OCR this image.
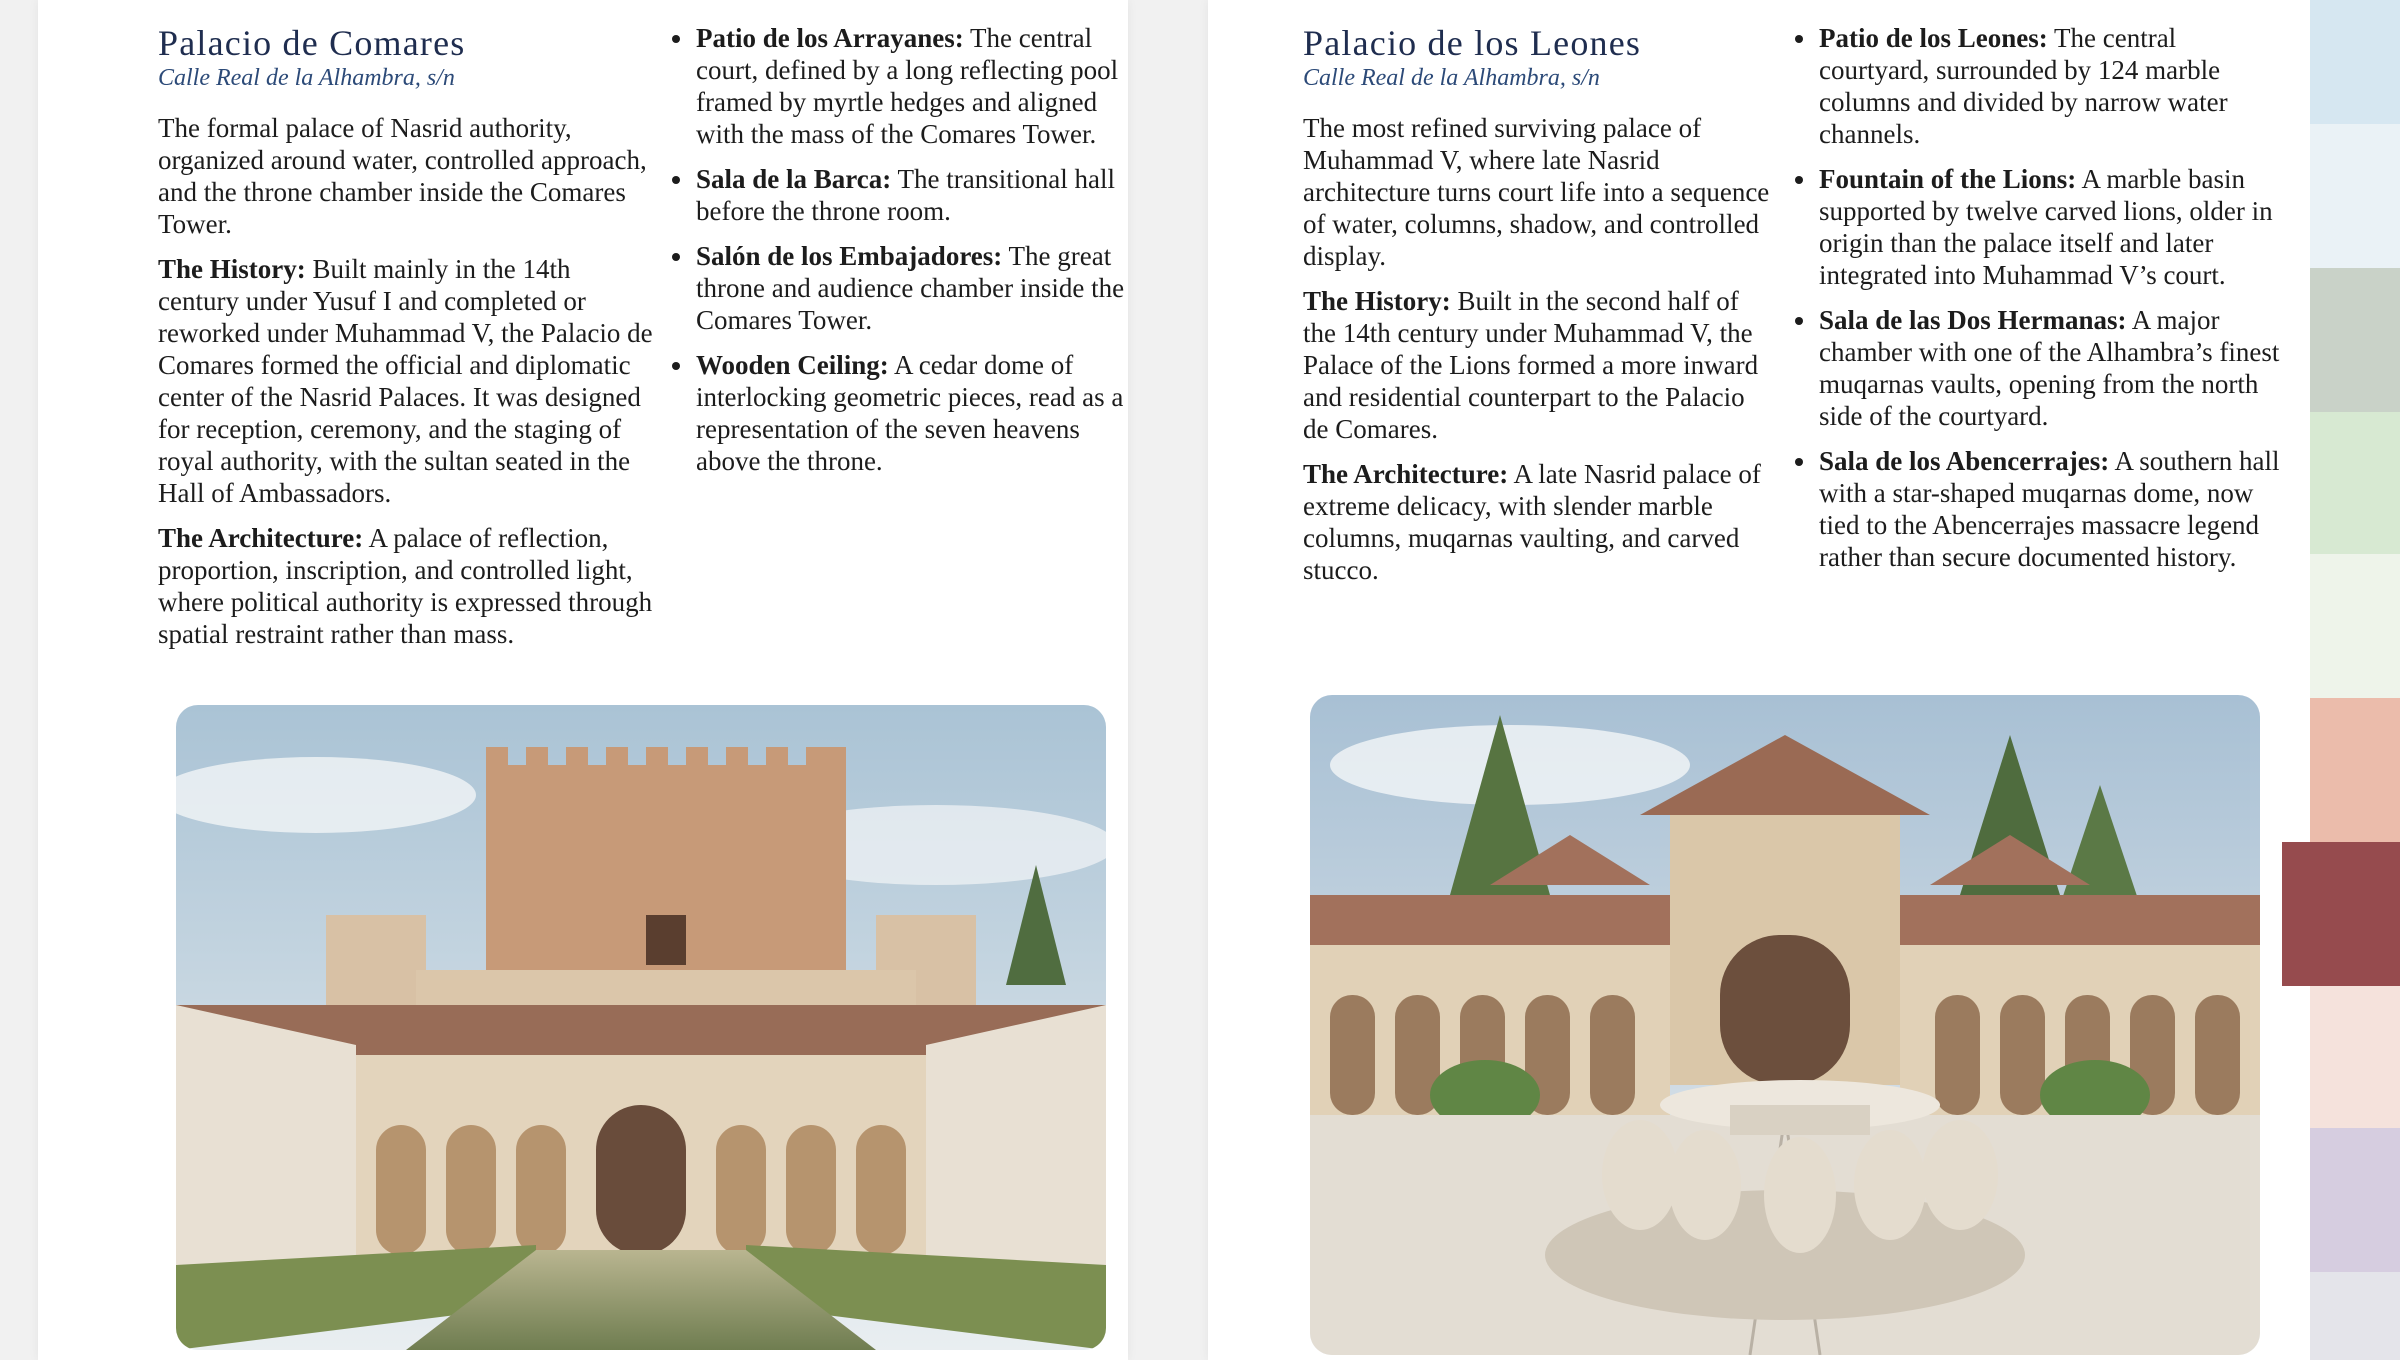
Palacio de Comares
Calle Real de la Alhambra, s/n

The formal palace of Nasrid authority, organized around water, controlled approach, and the throne chamber inside the Comares Tower.

The History: Built mainly in the 14th century under Yusuf I and completed or reworked under Muhammad V, the Palacio de Comares formed the official and diplomatic center of the Nasrid Palaces. It was designed for reception, ceremony, and the staging of royal authority, with the sultan seated in the Hall of Ambassadors.

The Architecture: A palace of reflection, proportion, inscription, and controlled light, where political authority is expressed through spatial restraint rather than mass.

Patio de los Arrayanes: The central court, defined by a long reflecting pool framed by myrtle hedges and aligned with the mass of the Comares Tower.
Sala de la Barca: The transitional hall before the throne room.
Salón de los Embajadores: The great throne and audience chamber inside the Comares Tower.
Wooden Ceiling: A cedar dome of interlocking geometric pieces, read as a representation of the seven heavens above the throne.
Palacio de los Leones
Calle Real de la Alhambra, s/n

The most refined surviving palace of Muhammad V, where late Nasrid architecture turns court life into a sequence of water, columns, shadow, and controlled display.

The History: Built in the second half of the 14th century under Muhammad V, the Palace of the Lions formed a more inward and residential counterpart to the Palacio de Comares.

The Architecture: A late Nasrid palace of extreme delicacy, with slender marble columns, muqarnas vaulting, and carved stucco.

Patio de los Leones: The central courtyard, surrounded by 124 marble columns and divided by narrow water channels.
Fountain of the Lions: A marble basin supported by twelve carved lions, older in origin than the palace itself and later integrated into Muhammad V’s court.
Sala de las Dos Hermanas: A major chamber with one of the Alhambra’s finest muqarnas vaults, opening from the north side of the courtyard.
Sala de los Abencerrajes: A southern hall with a star-shaped muqarnas dome, now tied to the Abencerrajes massacre legend rather than secure documented history.
